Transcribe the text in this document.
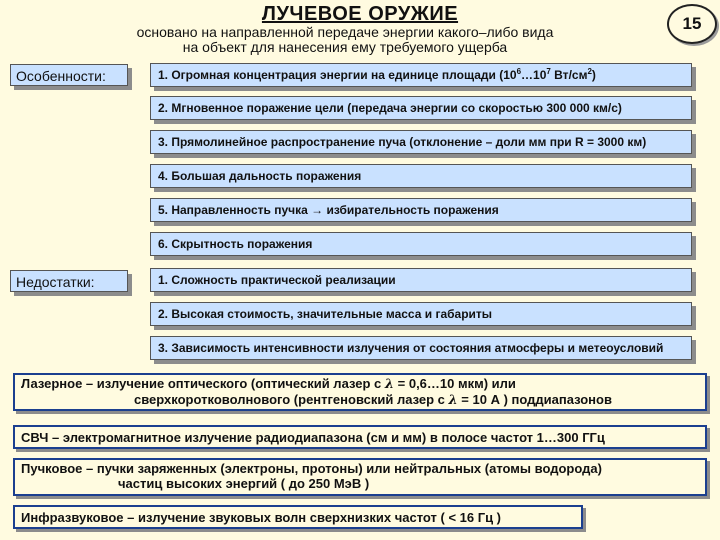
ЛУЧЕВОЕ ОРУЖИЕ
основано на направленной передаче энергии какого–либо вида
на объект для нанесения ему требуемого ущерба
15
Особенности:	1. Огромная концентрация энергии на единице площади ($10^6\dots 10^7$ $Вт/см^2$)
2. Мгновенное поражение цели (передача энергии со скоростью 300 000 км/с)
3. Прямолинейное распространение пуча (отклонение – доли мм при R = 3000 км)
4. Большая дальность поражения
5. Направленность пучка → избирательность поражения
6. Скрытность поражения
Недостатки:	1. Сложность практической реализации
2. Высокая стоимость, значительные масса и габариты
3. Зависимость интенсивности излучения от состояния атмосферы и метеоусловий
Лазерное – излучение оптического (оптический лазер с λ = 0,6…10 мкм) или
сверхкоротковолнового (рентгеновский лазер с λ = 10 А ) поддиапазонов
СВЧ – электромагнитное излучение радиодиапазона (см и мм) в полосе частот 1…300 ГГц
Пучковое – пучки заряженных (электроны, протоны) или нейтральных (атомы водорода)
частиц высоких энергий ( до 250 МэВ )
Инфразвуковое – излучение звуковых волн сверхнизких частот ( < 16 Гц )
